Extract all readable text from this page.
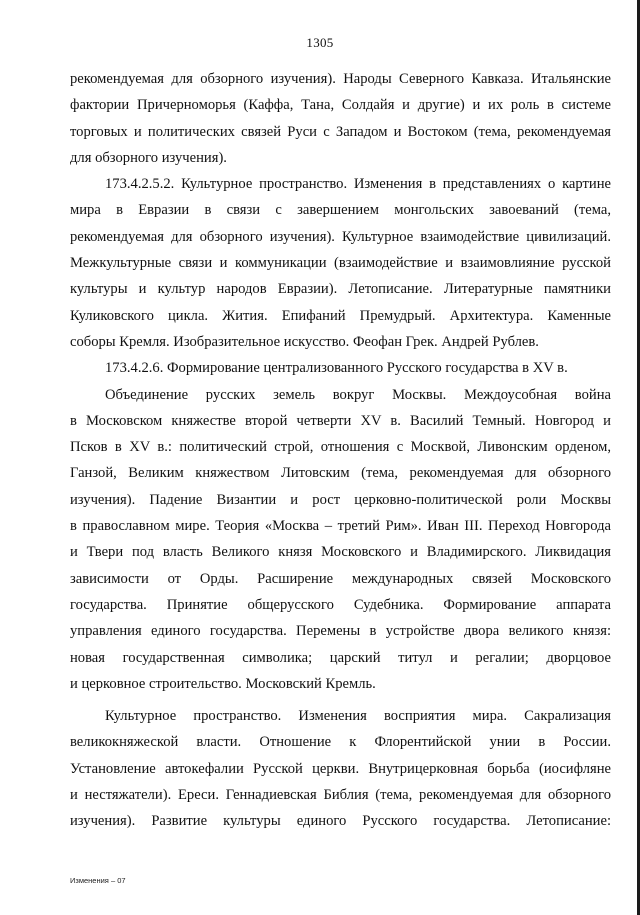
1305
рекомендуемая для обзорного изучения). Народы Северного Кавказа. Итальянские
фактории Причерноморья (Каффа, Тана, Солдайя и другие) и их роль в системе
торговых и политических связей Руси с Западом и Востоком (тема, рекомендуемая
для обзорного изучения).
173.4.2.5.2. Культурное пространство. Изменения в представлениях о картине
мира в Евразии в связи с завершением монгольских завоеваний (тема,
рекомендуемая для обзорного изучения). Культурное взаимодействие цивилизаций.
Межкультурные связи и коммуникации (взаимодействие и взаимовлияние русской
культуры и культур народов Евразии). Летописание. Литературные памятники
Куликовского цикла. Жития. Епифаний Премудрый. Архитектура. Каменные
соборы Кремля. Изобразительное искусство. Феофан Грек. Андрей Рублев.
173.4.2.6. Формирование централизованного Русского государства в XV в.
Объединение русских земель вокруг Москвы. Междоусобная война
в Московском княжестве второй четверти XV в. Василий Темный. Новгород и
Псков в XV в.: политический строй, отношения с Москвой, Ливонским орденом,
Ганзой, Великим княжеством Литовским (тема, рекомендуемая для обзорного
изучения). Падение Византии и рост церковно-политической роли Москвы
в православном мире. Теория «Москва – третий Рим». Иван III. Переход Новгорода
и Твери под власть Великого князя Московского и Владимирского. Ликвидация
зависимости от Орды. Расширение международных связей Московского
государства. Принятие общерусского Судебника. Формирование аппарата
управления единого государства. Перемены в устройстве двора великого князя:
новая государственная символика; царский титул и регалии; дворцовое
и церковное строительство. Московский Кремль.
Культурное пространство. Изменения восприятия мира. Сакрализация
великокняжеской власти. Отношение к Флорентийской унии в России.
Установление автокефалии Русской церкви. Внутрицерковная борьба (иосифляне
и нестяжатели). Ереси. Геннадиевская Библия (тема, рекомендуемая для обзорного
изучения). Развитие культуры единого Русского государства. Летописание:
Изменения – 07
